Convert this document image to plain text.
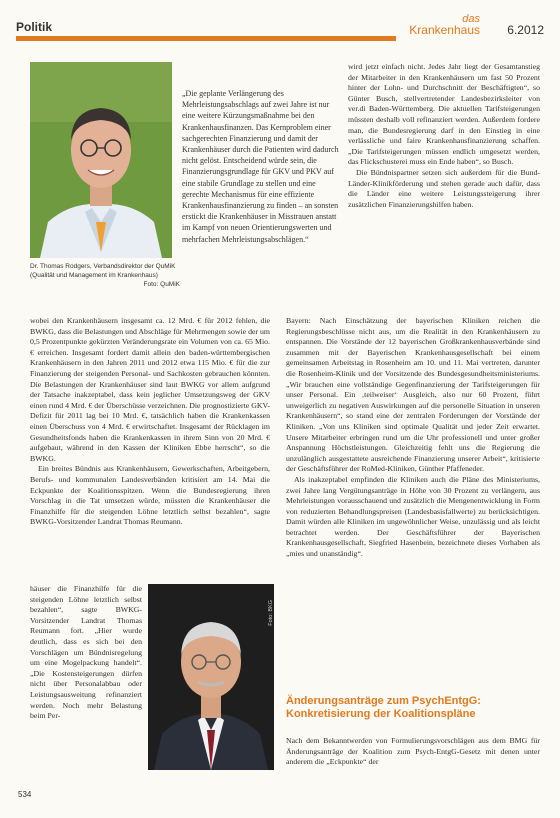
Politik
das
Krankenhaus 6.2012
Dr. Thomas Rodgers, Verbandsdirektor der QuMiK (Qualität und Management im Krankenhaus)
Foto: QuMiK

„Die geplante Verlängerung des Mehrleistungsabschlags auf zwei Jahre ist nur eine weitere Kürzungsmaßnahme bei den Krankenhausfinanzen. Das Kernproblem einer sachgerechten Finanzierung und damit der Krankenhäuser durch die Patienten wird dadurch nicht gelöst. Entscheidend würde sein, die Finanzierungsgrundlage für GKV und PKV auf eine stabile Grundlage zu stellen und eine gerechte Mechanismus für eine effiziente Krankenhausfinanzierung zu finden – an sonsten erstickt die Krankenhäuser in Misstrauen anstatt im Kampf von neuen Orientierungswerten und mehrfachen Mehrleistungsabschlägen.“

wird jetzt einfach nicht. Jedes Jahr liegt der Gesamtanstieg der Mitarbeiter in den Krankenhäusern um fast 50 Prozent hinter der Lohn- und Durchschnitt der Beschäftigten“, so Günter Busch, stellvertretender Landesbezirksleiter von ver.di Baden-Württemberg. Die aktuellen Tarifsteigerungen müssten deshalb voll refinanziert werden. Außerdem fordere man, die Bundesregierung darf in den Einstieg in eine verlässliche und faire Krankenhausfinanzierung schaffen. „Die Tarifsteigerungen müssen endlich umgesetzt werden, das Flickschusterei muss ein Ende haben“, so Busch.

Die Bündnispartner setzen sich außerdem für die Bund-Länder-Klinikförderung und stehen gerade auch dafür, dass die Länder eine weitere Leistungssteigerung ihrer zusätzlichen Finanzierungshilfen haben.

wobei den Krankenhäusern insgesamt ca. 12 Mrd. € für 2012 fehlen, die BWKG, dass die Belastungen und Abschläge für Mehrmengen sowie der um 0,5 Prozentpunkte gekürzten Veränderungsrate ein Volumen von ca. 65 Mio. € erreichen. Insgesamt fordert damit allein den baden-württembergischen Krankenhäusern in den Jahren 2011 und 2012 etwa 115 Mio. € für die zur Finanzierung der steigenden Personal- und Sachkosten gebrauchen könnten. Die Belastungen der Krankenhäuser sind laut BWKG vor allem aufgrund der Tatsache inakzeptabel, dass kein jeglicher Umsetzungsweg der GKV einen rund 4 Mrd. € der Überschüsse verzeichnen. Die prognostizierte GKV-Defizit für 2011 lag bei 10 Mrd. €, tatsächlich haben die Krankenkassen einen Überschuss von 4 Mrd. € erwirtschaftet. Insgesamt der Rücklagen im Gesundheitsfonds haben die Krankenkassen in ihrem Sinn von 20 Mrd. € aufgebaut, während in den Kassen der Kliniken Ebbe herrscht“, so die BWKG.

Ein breites Bündnis aus Krankenhäusern, Gewerkschaften, Arbeitgebern, Berufs- und kommunalen Landesverbänden kritisiert am 14. Mai die Eckpunkte der Koalitionsspitzen. Wenn die Bundesregierung ihren Vorschlag in die Tat umsetzen würde, müssten die Krankenhäuser die Finanzhilfe für die steigenden Löhne letztlich selbst bezahlen“, sagte BWKG-Vorsitzender Landrat Thomas Reumann.

häuser die Finanzhilfe für die steigenden Löhne letztlich selbst bezahlen“, sagte BWKG-Vorsitzender Landrat Thomas Reumann fort. „Hier wurde deutlich, dass es sich bei den Vorschlägen um Bündnisregelung um eine Mogelpackung handelt“. „Die Kostensteigerungen dürfen nicht über Personalabbau oder Leistungsausweitung refinanziert werden. Noch mehr Belastung beim Per-

Foto: BKG

Bayern: Nach Einschätzung der bayerischen Kliniken reichen die Regierungsbeschlüsse nicht aus, um die Realität in den Krankenhäusern zu entspannen. Die Vorstände der 12 bayerischen Großkrankenhausverbände sind zusammen mit der Bayerischen Krankenhausgesellschaft bei einem gemeinsamen Arbeitstag in Rosenheim am 10. und 11. Mai vertreten, darunter die Rosenheim-Klinik und der Vorsitzende des Bundesgesundheitsministeriums. „Wir brauchen eine vollständige Gegenfinanzierung der Tarifsteigerungen für unser Personal. Ein ‚teilweiser‘ Ausgleich, also nur 60 Prozent, führt unweigerlich zu negativen Auswirkungen auf die personelle Situation in unseren Krankenhäusern“, so stand eine der zentralen Forderungen der Vorstände der Kliniken. „Von uns Kliniken sind optimale Qualität und jeder Zeit erwartet. Unsere Mitarbeiter erbringen rund um die Uhr professionell und unter großer Anspannung Höchstleistungen. Gleichzeitig fehlt uns die Regierung die unzulänglich ausgestattete ausreichende Finanzierung unserer Arbeit“, kritisierte der Geschäftsführer der RoMed-Kliniken, Günther Pfaffeneder.

Als inakzeptabel empfinden die Kliniken auch die Pläne des Ministeriums, zwei Jahre lang Vergütungsanträge in Höhe von 30 Prozent zu verlängern, aus Mehrleistungen vorausschauend und zusätzlich die Mengenentwicklung in Form von reduzierten Behandlungspreisen (Landesbasisfallwerte) zu berücksichtigen. Damit würden alle Kliniken im ungewöhnlicher Weise, unzulässig und als leicht betrachtet werden. Der Geschäftsführer der Bayerischen Krankenhausgesellschaft, Siegfried Hasenbein, bezeichnete dieses Vorhaben als „mies und unanständig“.

Änderungsanträge zum PsychEntgG: Konkretisierung der Koalitionspläne

Nach dem Bekanntwerden von Formulierungsvorschlägen aus dem BMG für Änderungsanträge der Koalition zum Psych-EntgG-Gesetz mit denen unter anderem die „Eckpunkte“ der

534
